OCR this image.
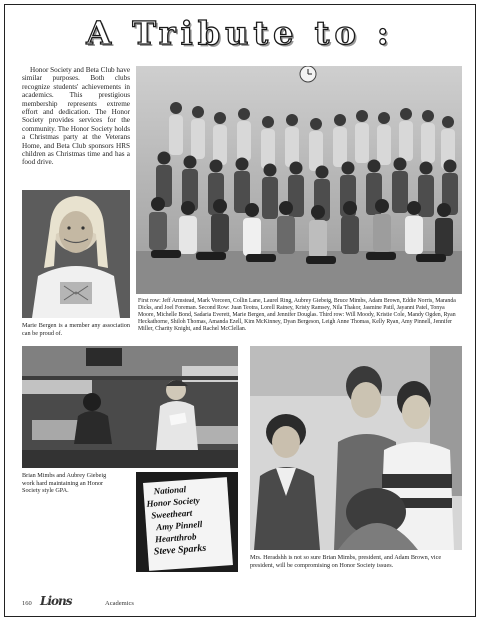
A Tribute to :
Honor Society and Beta Club have similar purposes. Both clubs recognize students' achievements in academics. This prestigious membership represents extreme effort and dedication. The Honor Society provides services for the community. The Honor Society holds a Christmas party at the Veterans Home, and Beta Club sponsors HRS children as Christmas time and has a food drive.
First row: Jeff Armstead, Mark Vorceen, Collin Lane, Laurel Ring, Aubrey Giebeig, Bruce Mimbs, Adam Brown, Eddie Norris, Maranda Dicks, and Joel Foreman. Second Row: Juan Teotra, Lorell Rainey, Kristy Ramsey, Nila Thakor, Jasmine Patil, Jayanni Patel, Tonya Moore, Michelle Bond, Sadaria Everett, Marie Bergen, and Jennifer Douglas. Third row: Will Moody, Kristie Cole, Mandy Ogden, Ryan Heckathorne, Shiloh Thomas, Amanda Ezell, Kim McKinney, Dyan Bergeson, Leigh Anne Thomas, Kelly Ryan, Amy Pinnell, Jennifer Miller, Charity Knight, and Rachel McClellan.
Marie Bergen is a member any association can be proud of.
Brian Mimbs and Aubrey Giebeig work hard maintaining an Honor Society style GPA.	National
Honor Society
Sweetheart
Amy Pinnell
Heartthrob
Steve Sparks
Mrs. Heradshh is not so sure Brian Mimbs, president, and Adam Brown, vice president, will be compromising on Honor Society issues.
160 Lions	Academics
